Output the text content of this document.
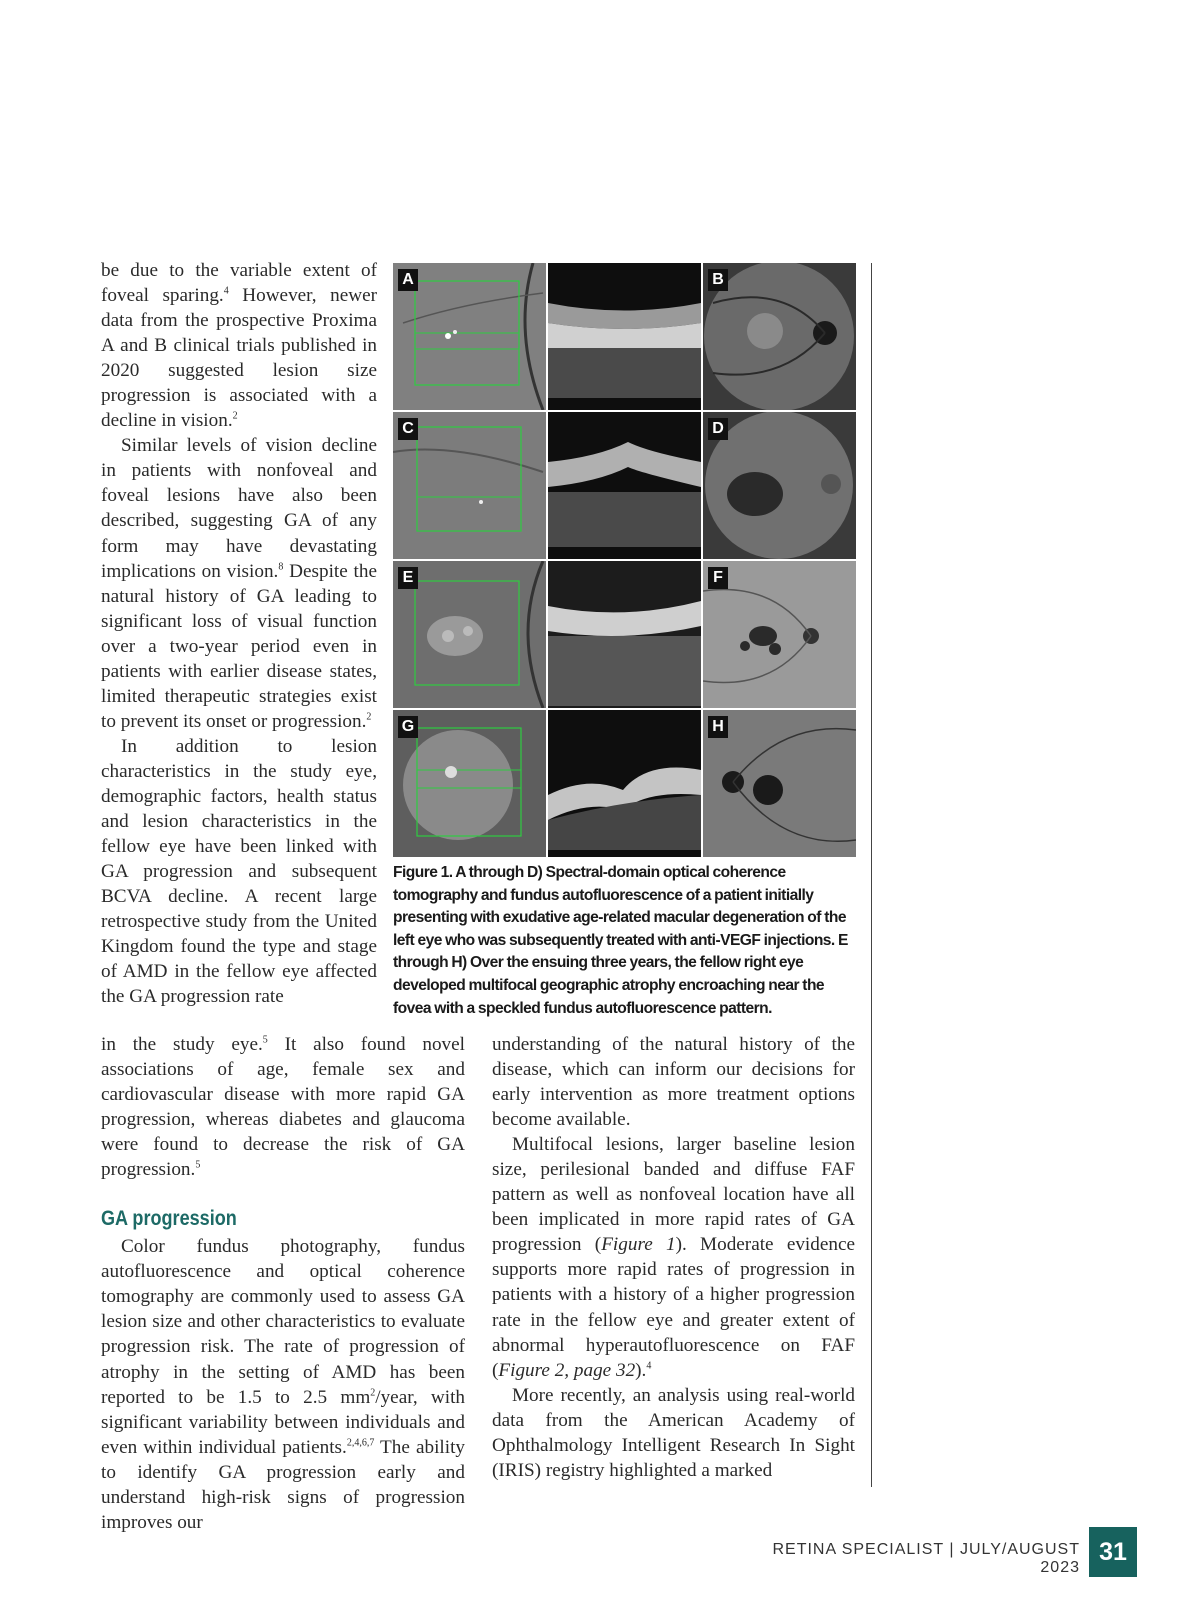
be due to the variable extent of foveal sparing.$^4$ However, newer data from the prospective Proxima A and B clinical trials published in 2020 suggested lesion size progression is associated with a decline in vision.$^2$

Similar levels of vision decline in patients with nonfoveal and foveal lesions have also been described, suggesting GA of any form may have devastating implications on vision.$^8$ Despite the natural history of GA leading to significant loss of visual function over a two-year period even in patients with earlier disease states, limited therapeutic strategies exist to prevent its onset or progression.$^2$

In addition to lesion characteristics in the study eye, demographic factors, health status and lesion characteristics in the fellow eye have been linked with GA progression and subsequent BCVA decline. A recent large retrospective study from the United Kingdom found the type and stage of AMD in the fellow eye affected the GA progression rate

A	B
C	D
E	F
G	H
Figure 1. A through D) Spectral-domain optical coherence tomography and fundus autofluorescence of a patient initially presenting with exudative age-related macular degeneration of the left eye who was subsequently treated with anti-VEGF injections. E through H) Over the ensuing three years, the fellow right eye developed multifocal geographic atrophy encroaching near the fovea with a speckled fundus autofluorescence pattern.

in the study eye.$^5$ It also found novel associations of age, female sex and cardiovascular disease with more rapid GA progression, whereas diabetes and glaucoma were found to decrease the risk of GA progression.$^5$

GA progression

Color fundus photography, fundus autofluorescence and optical coherence tomography are commonly used to assess GA lesion size and other characteristics to evaluate progression risk. The rate of progression of atrophy in the setting of AMD has been reported to be 1.5 to 2.5 $mm^2$/year, with significant variability between individuals and even within individual patients.$^{2,4,6,7}$ The ability to identify GA progression early and understand high-risk signs of progression improves our

understanding of the natural history of the disease, which can inform our decisions for early intervention as more treatment options become available.

Multifocal lesions, larger baseline lesion size, perilesional banded and diffuse FAF pattern as well as nonfoveal location have all been implicated in more rapid rates of GA progression (Figure 1). Moderate evidence supports more rapid rates of progression in patients with a history of a higher progression rate in the fellow eye and greater extent of abnormal hyperautofluorescence on FAF (Figure 2, page 32).$^4$

More recently, an analysis using real-world data from the American Academy of Ophthalmology Intelligent Research In Sight (IRIS) registry highlighted a marked

RETINA SPECIALIST | JULY/AUGUST 2023
31
